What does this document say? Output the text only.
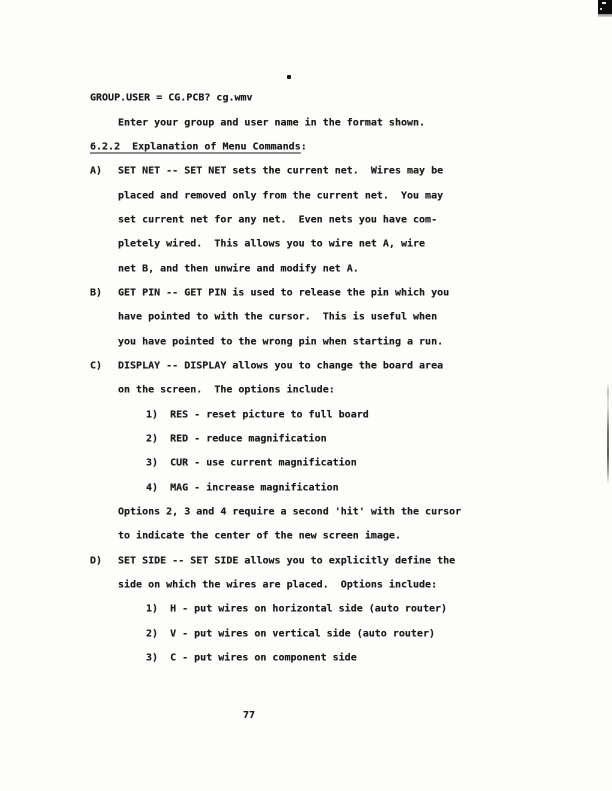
GROUP.USER = CG.PCB? cg.wmv
Enter your group and user name in the format shown.
6.2.2  Explanation of Menu Commands:
A) SET NET -- SET NET sets the current net.  Wires may be
placed and removed only from the current net.  You may
set current net for any net.  Even nets you have com-
pletely wired.  This allows you to wire net A, wire
net B, and then unwire and modify net A.
B) GET PIN -- GET PIN is used to release the pin which you
have pointed to with the cursor.  This is useful when
you have pointed to the wrong pin when starting a run.
C) DISPLAY -- DISPLAY allows you to change the board area
on the screen.  The options include:
1)  RES - reset picture to full board
2)  RED - reduce magnification
3)  CUR - use current magnification
4)  MAG - increase magnification
Options 2, 3 and 4 require a second 'hit' with the cursor
to indicate the center of the new screen image.
D) SET SIDE -- SET SIDE allows you to explicitly define the
side on which the wires are placed.  Options include:
1)  H - put wires on horizontal side (auto router)
2)  V - put wires on vertical side (auto router)
3)  C - put wires on component side
77
